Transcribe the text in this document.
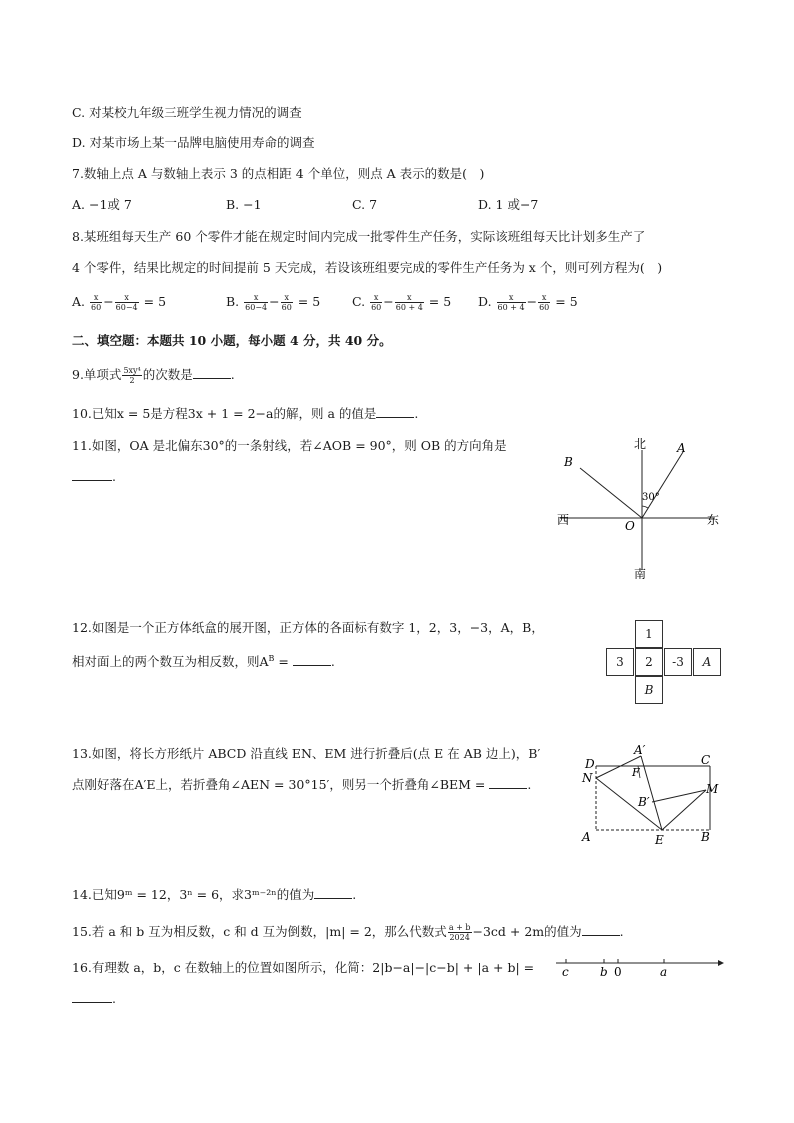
C. 对某校九年级三班学生视力情况的调查
D. 对某市场上某一品牌电脑使用寿命的调查
7.数轴上点 A 与数轴上表示 3 的点相距 4 个单位，则点 A 表示的数是(　)
A. −1或 7	B. −1	C. 7	D. 1 或−7
8.某班组每天生产 60 个零件才能在规定时间内完成一批零件生产任务，实际该班组每天比计划多生产了
4 个零件，结果比规定的时间提前 5 天完成，若设该班组要完成的零件生产任务为 x 个，则可列方程为(　)
A. $\frac{x}{60} - \frac{x}{60-4} = 5$	B. $\frac{x}{60-4} - \frac{x}{60} = 5$	C. $\frac{x}{60} - \frac{x}{60 + 4} = 5$ D. $\frac{x}{60 + 4} - \frac{x}{60} = 5$
二、填空题：本题共 10 小题，每小题 4 分，共 40 分。
9.单项式 $\frac{\text{5xy⁴}}{2}$ 的次数是	.
10.已知x = 5是方程3x + 1 = 2−a的解，则 a 的值是	.
11.如图，OA 是北偏东30°的一条射线，若∠AOB = 90°，则 OB 的方向角是
.
北
南
西	东
A
B
O
30°
12.如图是一个正方体纸盒的展开图，正方体的各面标有数字 1，2，3，−3，A，B，
相对面上的两个数互为相反数，则$A^B$ =	.
1
3	2	-3	A
B
13.如图，将长方形纸片 ABCD 沿直线 EN、EM 进行折叠后(点 E 在 AB 边上)，B′
点刚好落在A′E上，若折叠角∠AEN = 30°15′，则另一个折叠角∠BEM =	.
D
A′
C
N	F
M
B′
A	E	B
14.已知9ᵐ = 12，3ⁿ = 6，求3ᵐ⁻²ⁿ的值为	.
15.若 a 和 b 互为相反数，c 和 d 互为倒数，|m| = 2，那么代数式 $\frac{a + b}{2024} -3cd + 2m$的值为	.
16.有理数 a，b，c 在数轴上的位置如图所示，化简：2|b−a|−|c−b| + |a + b| =
.
c	b 0	a
